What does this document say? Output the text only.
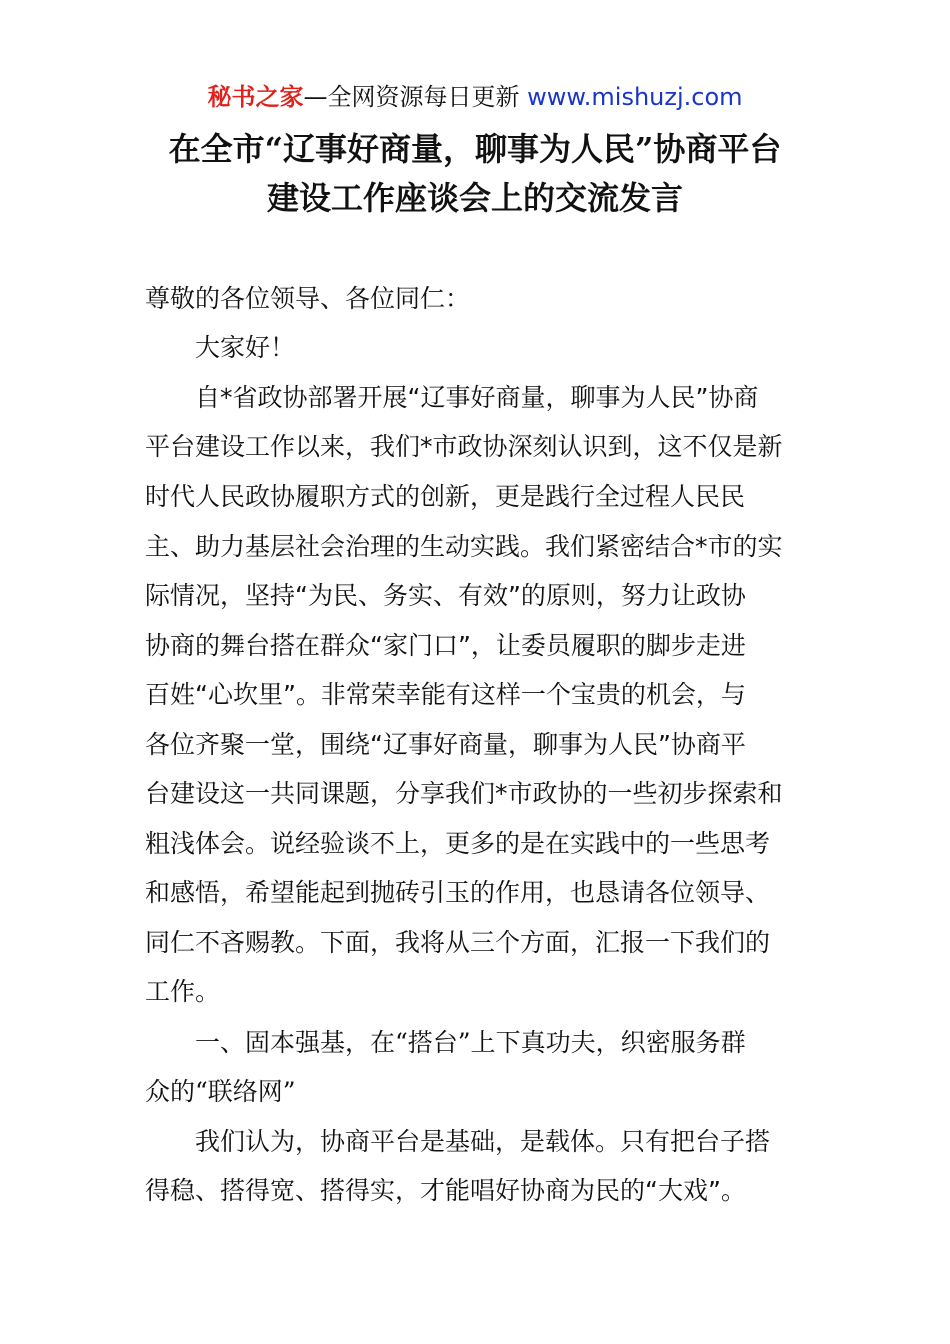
秘书之家—全网资源每日更新 www.mishuzj.com
在全市“辽事好商量，聊事为人民”协商平台
建设工作座谈会上的交流发言
尊敬的各位领导、各位同仁：
大家好！
自*省政协部署开展“辽事好商量，聊事为人民”协商
平台建设工作以来，我们*市政协深刻认识到，这不仅是新
时代人民政协履职方式的创新，更是践行全过程人民民
主、助力基层社会治理的生动实践。我们紧密结合*市的实
际情况，坚持“为民、务实、有效”的原则，努力让政协
协商的舞台搭在群众“家门口”，让委员履职的脚步走进
百姓“心坎里”。非常荣幸能有这样一个宝贵的机会，与
各位齐聚一堂，围绕“辽事好商量，聊事为人民”协商平
台建设这一共同课题，分享我们*市政协的一些初步探索和
粗浅体会。说经验谈不上，更多的是在实践中的一些思考
和感悟，希望能起到抛砖引玉的作用，也恳请各位领导、
同仁不吝赐教。下面，我将从三个方面，汇报一下我们的
工作。
一、固本强基，在“搭台”上下真功夫，织密服务群
众的“联络网”
我们认为，协商平台是基础，是载体。只有把台子搭
得稳、搭得宽、搭得实，才能唱好协商为民的“大戏”。
